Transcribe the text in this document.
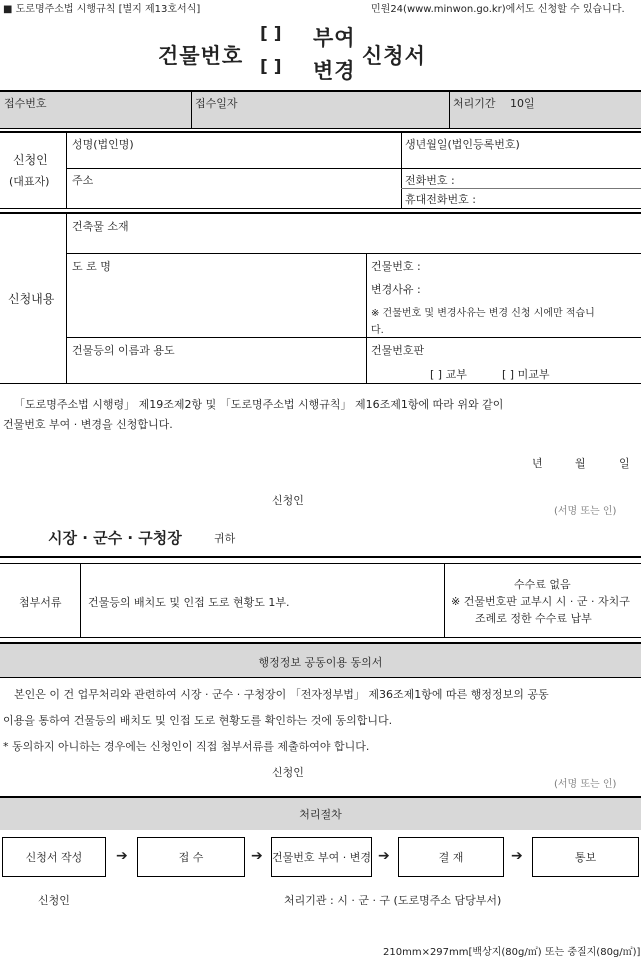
■ 도로명주소법 시행규칙 [별지 제13호서식]	민원24(www.minwon.go.kr)에서도 신청할 수 있습니다.
건물번호
[ ] 부여
[ ] 변경
신청서
접수번호	접수일자	처리기간 10일
신청인
(대표자)
성명(법인명)	생년월일(법인등록번호)
주소	전화번호 :
휴대전화번호 :
신청내용
건축물 소재
도 로 명	건물번호 :
변경사유 :
※ 건물번호 및 변경사유는 변경 신청 시에만 적습니
다.
건물등의 이름과 용도	건물번호판
[ ] 교부	[ ] 미교부
「도로명주소법 시행령」 제19조제2항 및 「도로명주소법 시행규칙」 제16조제1항에 따라 위와 같이
건물번호 부여 · 변경을 신청합니다.
년	월	일
신청인
(서명 또는 인)
시장 · 군수 · 구청장	귀하
첨부서류 건물등의 배치도 및 인접 도로 현황도 1부.
수수료 없음
※ 건물번호판 교부시 시 · 군 · 자치구
조례로 정한 수수료 납부
행정정보 공동이용 동의서
본인은 이 건 업무처리와 관련하여 시장 · 군수 · 구청장이 「전자정부법」 제36조제1항에 따른 행정정보의 공동
이용을 통하여 건물등의 배치도 및 인접 도로 현황도를 확인하는 것에 동의합니다.
* 동의하지 아니하는 경우에는 신청인이 직접 첨부서류를 제출하여야 합니다.
신청인
(서명 또는 인)
처리절차
신청서 작성	➔	접 수	➔ 건물번호 부여 · 변경 ➔	결 재	➔	통보
신청인	처리기관 : 시 · 군 · 구 (도로명주소 담당부서)
210mm×297mm[백상지(80g/㎡) 또는 중질지(80g/㎡)]
